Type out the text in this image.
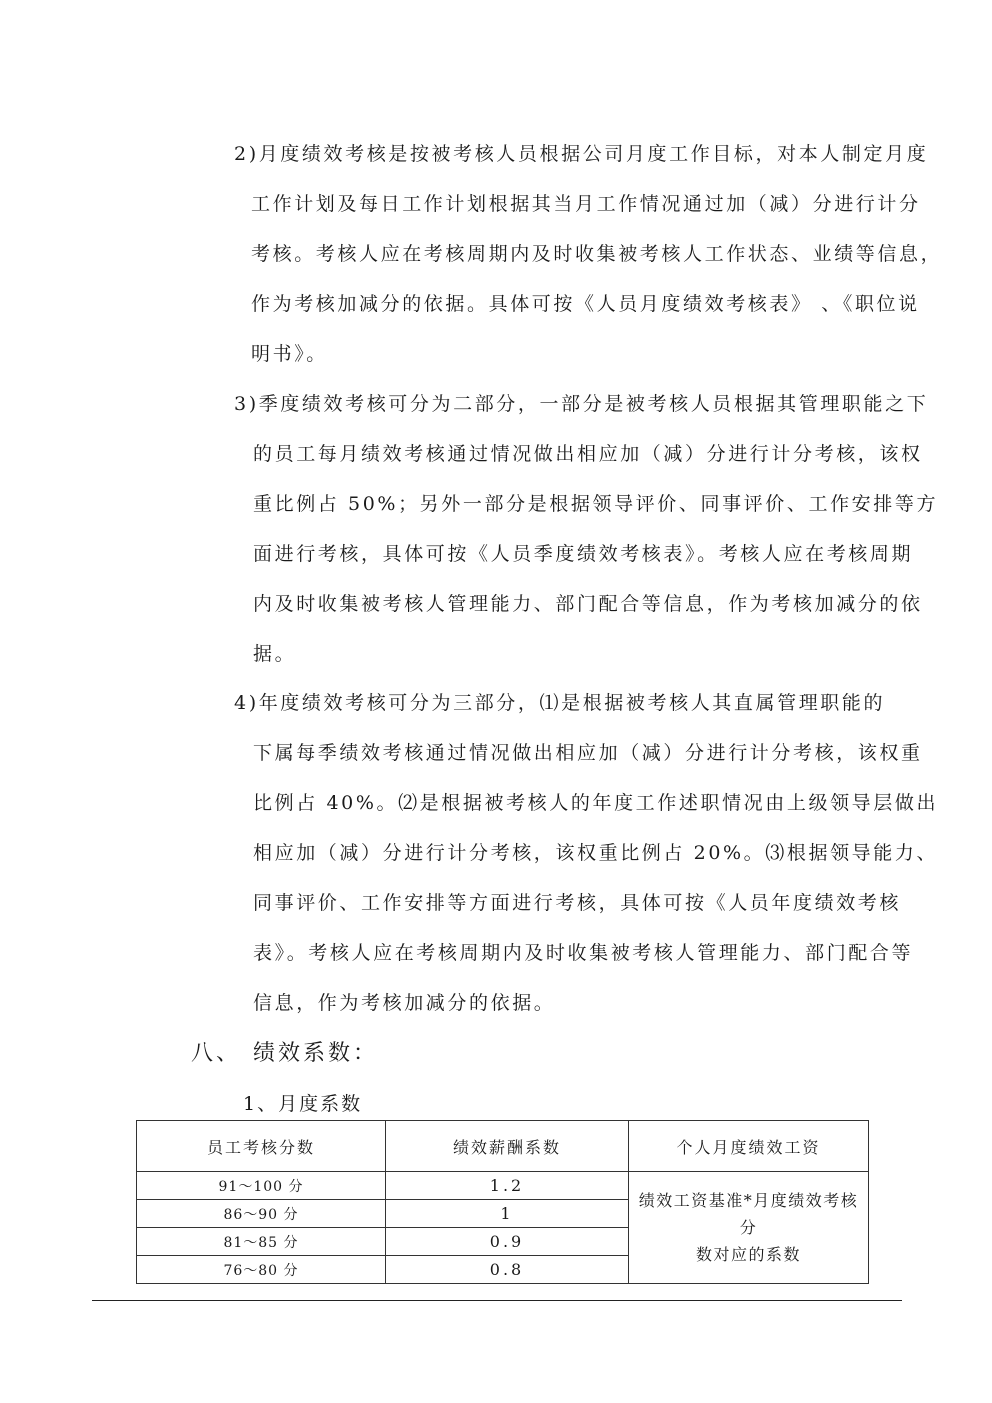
2)月度绩效考核是按被考核人员根据公司月度工作目标，对本人制定月度
工作计划及每日工作计划根据其当月工作情况通过加（减）分进行计分
考核。考核人应在考核周期内及时收集被考核人工作状态、业绩等信息，
作为考核加减分的依据。具体可按《人员月度绩效考核表》 、《职位说
明书》。
3)季度绩效考核可分为二部分，一部分是被考核人员根据其管理职能之下
的员工每月绩效考核通过情况做出相应加（减）分进行计分考核，该权
重比例占 50%；另外一部分是根据领导评价、同事评价、工作安排等方
面进行考核，具体可按《人员季度绩效考核表》。考核人应在考核周期
内及时收集被考核人管理能力、部门配合等信息，作为考核加减分的依
据。
4)年度绩效考核可分为三部分，⑴是根据被考核人其直属管理职能的
下属每季绩效考核通过情况做出相应加（减）分进行计分考核，该权重
比例占 40%。⑵是根据被考核人的年度工作述职情况由上级领导层做出
相应加（减）分进行计分考核，该权重比例占 20%。⑶根据领导能力、
同事评价、工作安排等方面进行考核，具体可按《人员年度绩效考核
表》。考核人应在考核周期内及时收集被考核人管理能力、部门配合等
信息，作为考核加减分的依据。
八、 绩效系数：
1、月度系数
员工考核分数	绩效薪酬系数	个人月度绩效工资
91～100 分	1.2	绩效工资基准*月度绩效考核分
数对应的系数
86～90 分	1	
81～85 分	0.9	
76～80 分	0.8	
